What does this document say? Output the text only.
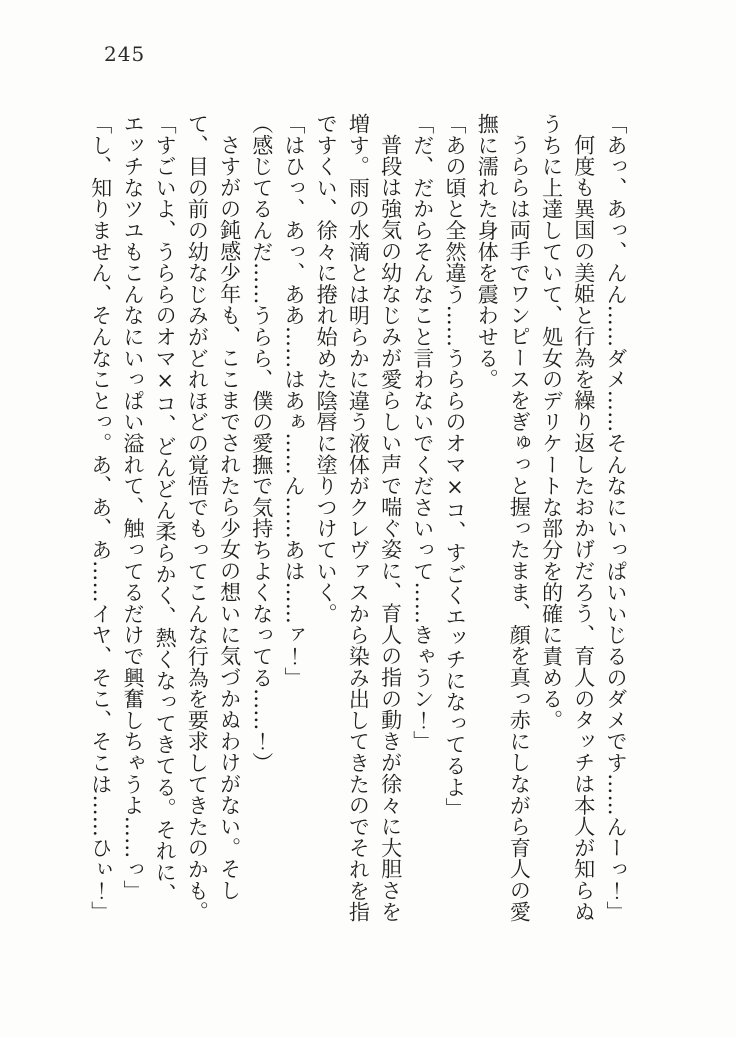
245

「あっ、あっ、んん……ダメ……そんなにいっぱいいじるのダメです……んーっ！」

何度も異国の美姫と行為を繰り返したおかげだろう、育人のタッチは本人が知らぬうちに上達していて、処女のデリケートな部分を的確に責める。

うららは両手でワンピースをぎゅっと握ったまま、顔を真っ赤にしながら育人の愛撫に濡れた身体を震わせる。

「あの頃と全然違う……うららのオマ×コ、すごくエッチになってるよ」

「だ、だからそんなこと言わないでくださいって……きゃうン！」

普段は強気の幼なじみが愛らしい声で喘ぐ姿に、育人の指の動きが徐々に大胆さを増す。雨の水滴とは明らかに違う液体がクレヴァスから染み出してきたのでそれを指ですくい、徐々に捲れ始めた陰唇に塗りつけていく。

「はひっ、あっ、ああ……はあぁ……ん……あは……ァ！」

（感じてるんだ……うらら、僕の愛撫で気持ちよくなってる……！）

さすがの鈍感少年も、ここまでされたら少女の想いに気づかぬわけがない。そして、目の前の幼なじみがどれほどの覚悟でもってこんな行為を要求してきたのかも。

「すごいよ、うららのオマ×コ、どんどん柔らかく、熱くなってきてる。それに、エッチなツユもこんなにいっぱい溢れて、触ってるだけで興奮しちゃうよ……っ」

「し、知りません、そんなことっ。あ、あ、あ……イヤ、そこ、そこは……ひぃ！」
